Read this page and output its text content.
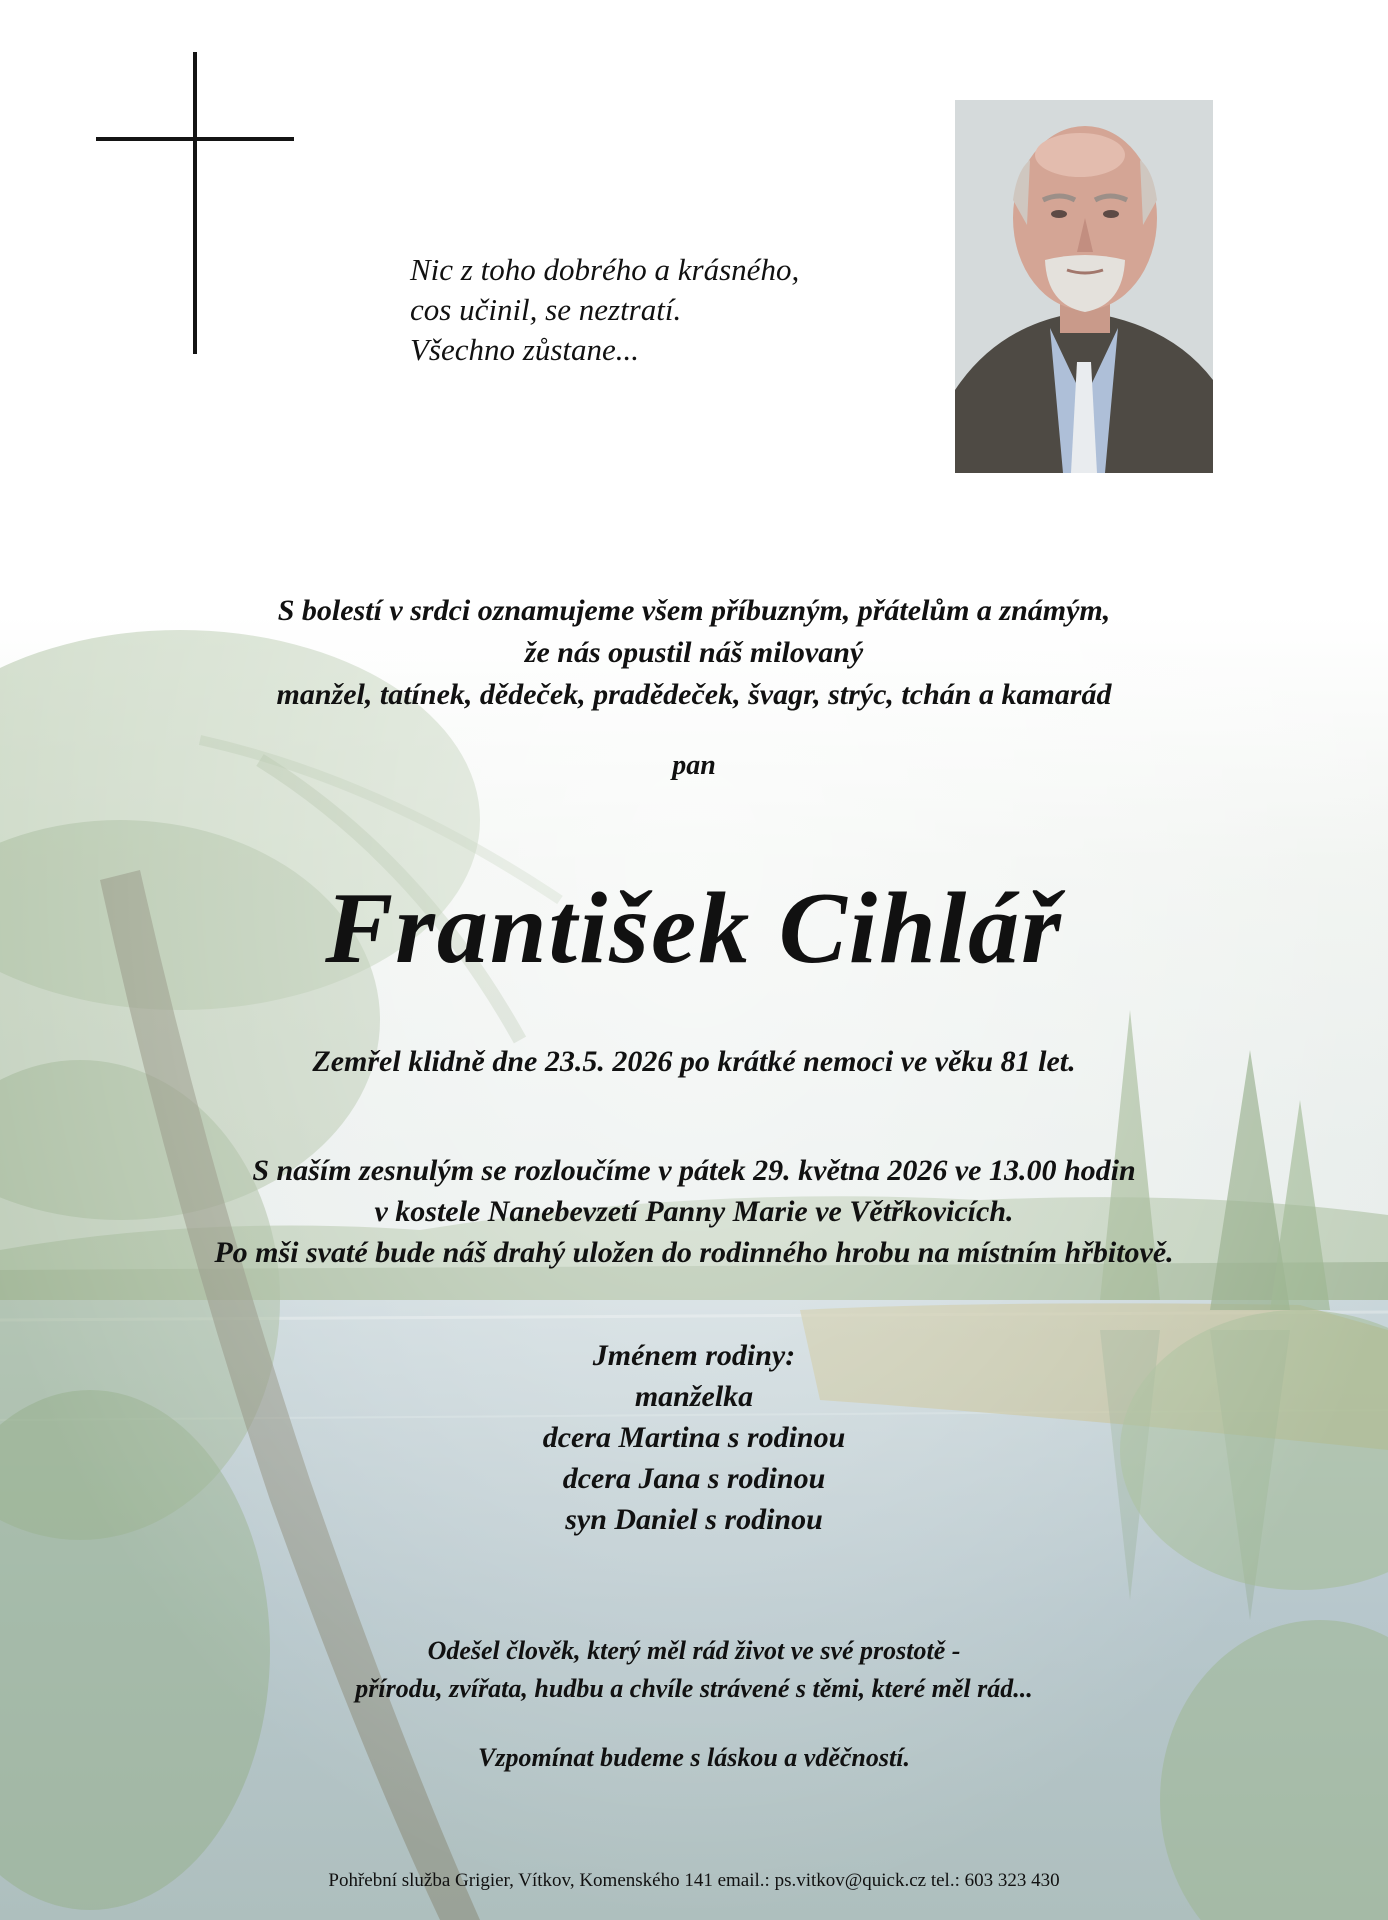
Nic z toho dobrého a krásného,
cos učinil, se neztratí.
Všechno zůstane...
S bolestí v srdci oznamujeme všem příbuzným, přátelům a známým,
že nás opustil náš milovaný
manžel, tatínek, dědeček, pradědeček, švagr, strýc, tchán a kamarád
pan
František Cihlář
Zemřel klidně dne 23.5. 2026 po krátké nemoci ve věku 81 let.
S naším zesnulým se rozloučíme v pátek 29. května 2026 ve 13.00 hodin
v kostele Nanebevzetí Panny Marie ve Větřkovicích.
Po mši svaté bude náš drahý uložen do rodinného hrobu na místním hřbitově.
Jménem rodiny:
manželka
dcera Martina s rodinou
dcera Jana s rodinou
syn Daniel s rodinou
Odešel člověk, který měl rád život ve své prostotě -
přírodu, zvířata, hudbu a chvíle strávené s těmi, které měl rád...
Vzpomínat budeme s láskou a vděčností.
Pohřební služba Grigier, Vítkov, Komenského 141 email.: ps.vitkov@quick.cz tel.: 603 323 430
